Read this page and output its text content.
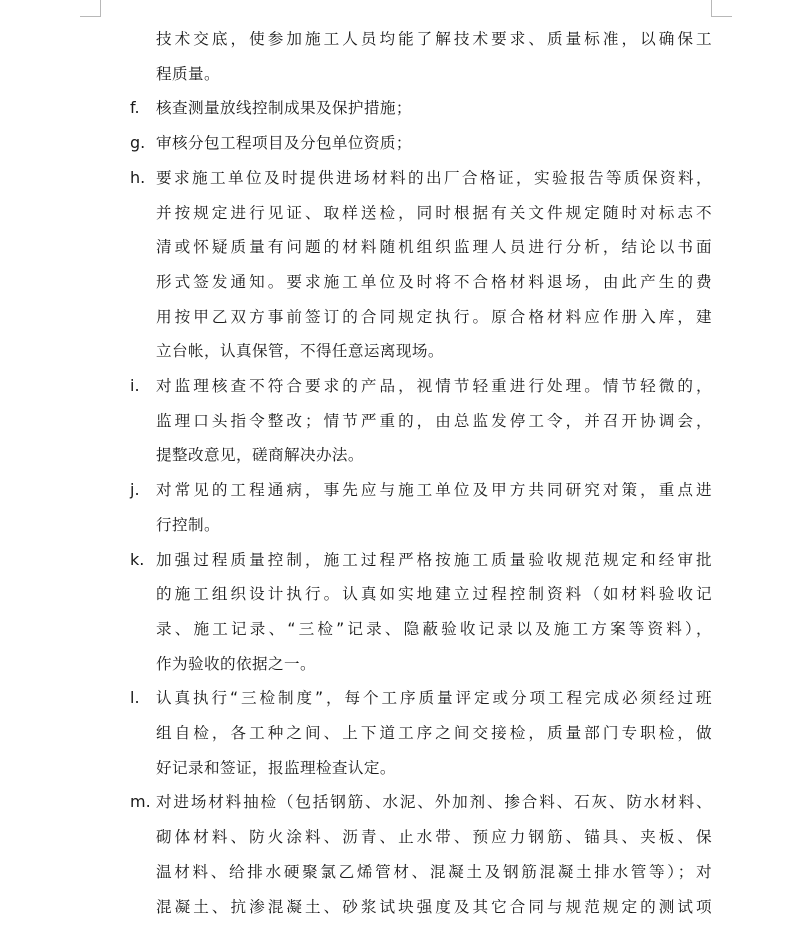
技术交底，使参加施工人员均能了解技术要求、质量标准，以确保工
程质量。
f.	核查测量放线控制成果及保护措施；
g. 审核分包工程项目及分包单位资质；
h. 要求施工单位及时提供进场材料的出厂合格证，实验报告等质保资料，
并按规定进行见证、取样送检，同时根据有关文件规定随时对标志不
清或怀疑质量有问题的材料随机组织监理人员进行分析，结论以书面
形式签发通知。要求施工单位及时将不合格材料退场，由此产生的费
用按甲乙双方事前签订的合同规定执行。原合格材料应作册入库，建
立台帐，认真保管，不得任意运离现场。
i.	对监理核查不符合要求的产品，视情节轻重进行处理。情节轻微的，
监理口头指令整改；情节严重的，由总监发停工令，并召开协调会，
提整改意见，磋商解决办法。
j.	对常见的工程通病，事先应与施工单位及甲方共同研究对策，重点进
行控制。
k. 加强过程质量控制，施工过程严格按施工质量验收规范规定和经审批
的施工组织设计执行。认真如实地建立过程控制资料（如材料验收记
录、施工记录、“三检”记录、隐蔽验收记录以及施工方案等资料），
作为验收的依据之一。
l.	认真执行“三检制度”，每个工序质量评定或分项工程完成必须经过班
组自检，各工种之间、上下道工序之间交接检，质量部门专职检，做
好记录和签证，报监理检查认定。
m. 对进场材料抽检（包括钢筋、水泥、外加剂、掺合料、石灰、防水材料、
砌体材料、防火涂料、沥青、止水带、预应力钢筋、锚具、夹板、保
温材料、给排水硬聚氯乙烯管材、混凝土及钢筋混凝土排水管等）；对
混凝土、抗渗混凝土、砂浆试块强度及其它合同与规范规定的测试项
